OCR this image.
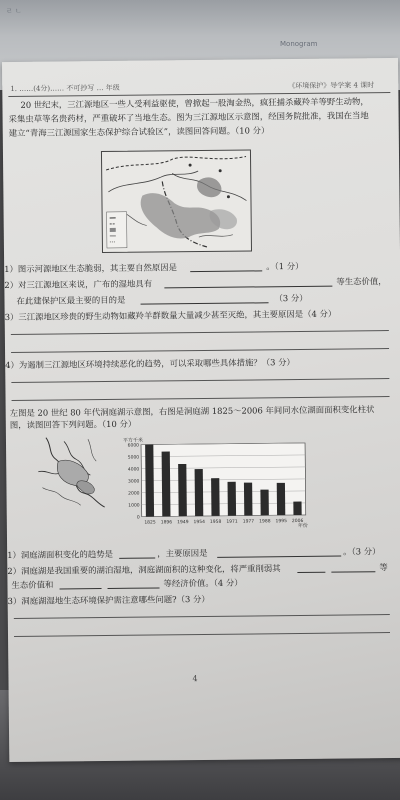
ㄹ ㄴ
Monogram
1. ……(4分)…… 不可抄写 … 年级	《环境保护》导学案 4 课时
20 世纪末，三江源地区一些人受利益驱使，曾掀起一股淘金热，疯狂捕杀藏羚羊等野生动物，
采集虫草等名贵药材，严重破坏了当地生态。图为三江源地区示意图，经国务院批准，我国在当地
建立“青海三江源国家生态保护综合试验区”，读图回答问题。（10 分）
1）图示河源地区生态脆弱，其主要自然原因是	。（1 分）
2）对三江源地区来说，广布的湿地具有	等生态价值，
在此建保护区最主要的目的是	（3 分）
3）三江源地区珍贵的野生动物如藏羚羊群数量大量减少甚至灭绝，其主要原因是（4 分）
4）为遏制三江源地区环境持续恶化的趋势，可以采取哪些具体措施？（3 分）
左图是 20 世纪 80 年代洞庭湖示意图，右图是洞庭湖 1825～2006 年间同水位湖面面积变化柱状
图，读图回答下列问题。（10 分）
平方千米
0
1000
2000
3000
4000
5000
6000
1825 1896 1949 1954 1958 1971 1977 1988 1995 2006
年份
1）洞庭湖面积变化的趋势是	，主要原因是	。（3 分）
2）洞庭湖是我国重要的湖泊湿地，洞庭湖面积的这种变化，将严重削弱其	等
生态价值和	等经济价值。（4 分）
3）洞庭湖湿地生态环境保护需注意哪些问题?（3 分）
4
